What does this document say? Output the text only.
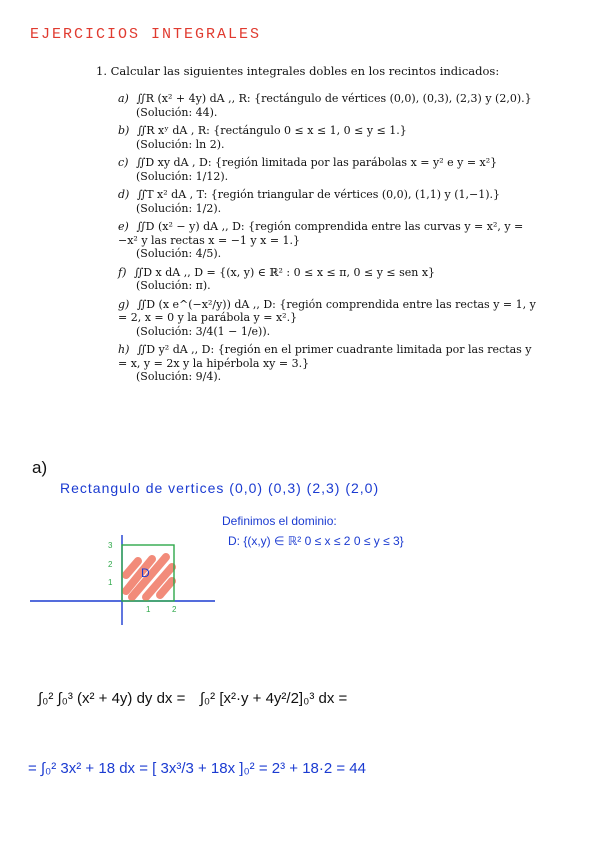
EJERCICIOS INTEGRALES
1. Calcular las siguientes integrales dobles en los recintos indicados:
a) ∬R (x² + 4y) dA ,, R: {rectángulo de vértices (0,0), (0,3), (2,3) y (2,0).}
(Solución: 44).
b) ∬R xʸ dA , R: {rectángulo 0 ≤ x ≤ 1, 0 ≤ y ≤ 1.}
(Solución: ln 2).
c) ∬D xy dA , D: {región limitada por las parábolas x = y² e y = x²}
(Solución: 1/12).
d) ∬T x² dA , T: {región triangular de vértices (0,0), (1,1) y (1,−1).}
(Solución: 1/2).
e) ∬D (x² − y) dA ,, D: {región comprendida entre las curvas y = x², y = −x² y las rectas x = −1 y x = 1.}
(Solución: 4/5).
f) ∬D x dA ,, D = {(x, y) ∈ ℝ² : 0 ≤ x ≤ π, 0 ≤ y ≤ sen x}
(Solución: π).
g) ∬D (x e^(−x²/y)) dA ,, D: {región comprendida entre las rectas y = 1, y = 2, x = 0 y la parábola y = x².}
(Solución: 3/4(1 − 1/e)).
h) ∬D y² dA ,, D: {región en el primer cuadrante limitada por las rectas y = x, y = 2x y la hipérbola xy = 3.}
(Solución: 9/4).
a)
Rectangulo de vertices (0,0) (0,3) (2,3) (2,0)
Definimos el dominio:
D: {(x,y) ∈ ℝ² 0 ≤ x ≤ 2 0 ≤ y ≤ 3}
3
2
1
1	2
D
∫₀² ∫₀³ (x² + 4y) dy dx = ∫₀² [x²·y + 4y²/2]₀³ dx =
= ∫₀² 3x² + 18 dx = [ 3x³/3 + 18x ]₀² = 2³ + 18·2 = 44
